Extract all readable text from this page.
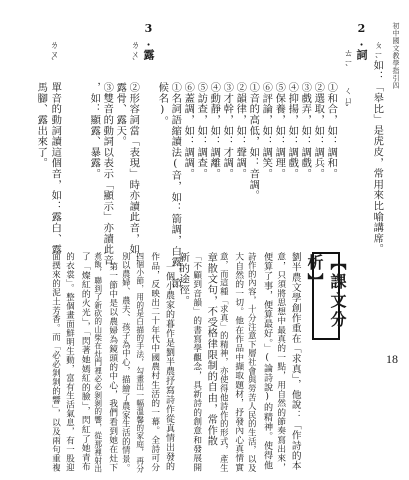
初中國文教學指引四
如：「皋比」是虎皮，常用來比喻講席。
2.詞
ㄊㄧˋ ㄑㄩˇ ㄆㄧˋ
①和合，如：調和。
②選取，如：調兵。
③戲弄，如：調戲。
④抑揚，如：調戲。
⑤保養，如：調理。
⑥評論，如：調笑。
①音的高低，如：音調。
②韻律，如：聲調。
③才幹，如：才調。
④動靜，如：調離。
⑤訪查，如：調查。
⑥蓋調，如：調調。
①名詞語縮讀法(音，如：箭調，白露，節
候名)。
3.露
ㄌㄨˋ
ㄌㄡˋ
②形容詞當「表現」時亦讀此音，如：
露骨、露天。
③雙音的動詞以表示「顯示」亦讀此音
，如：顯露、暴露。
單音的動詞讀這個音，如：露白、露
馬腳、露出來了。
【課文分析】
劉半農文學創作重在「求真」，他說：「作詩的本
意，只須將思想中最真的一點，用自然的節奏寫出來，
便算了事，便算最好。」(論詩說)的精神。使得他
詩作的內容，十分注意下層社會與勞苦人民的生活，以及
大自然的一切。他在作品中擷取題材，抒發內心真情實
意，而這種「求真」的精神，亦使得他詩作的形式，產生
章散文句，不受格律限制的自由，常作散
「不顧到音韻」的書寫學觀念，具新詩的創意和發展開
新的途徑。
一個小農家的暮作是劉半農抒寫詩作從真情出發的
作品，反映出二十年代中國農村生活的一幕。全詩可分
四個小節，用的是白描的手法，勾畫出一幅溫馨的家庭，再分
別以農婦、農夫、孩子為中心，描繪了農家生活的情景。
第一節中是以農婦為鏡頭的中心，我們看到她在灶下
煮飯，聯到了新砍的山柴在灶門裡必必剝剝的響，從那裡射出
了「燦紅的火光」，「閃著她嫣紅的臉」，閃紅了她青布
的衣裳」。整個畫面鮮明生動，富有生活氣息，有一股迎
面撲來的泥土芳香。而「必必剝剝的響」，以及兩句重複	18
